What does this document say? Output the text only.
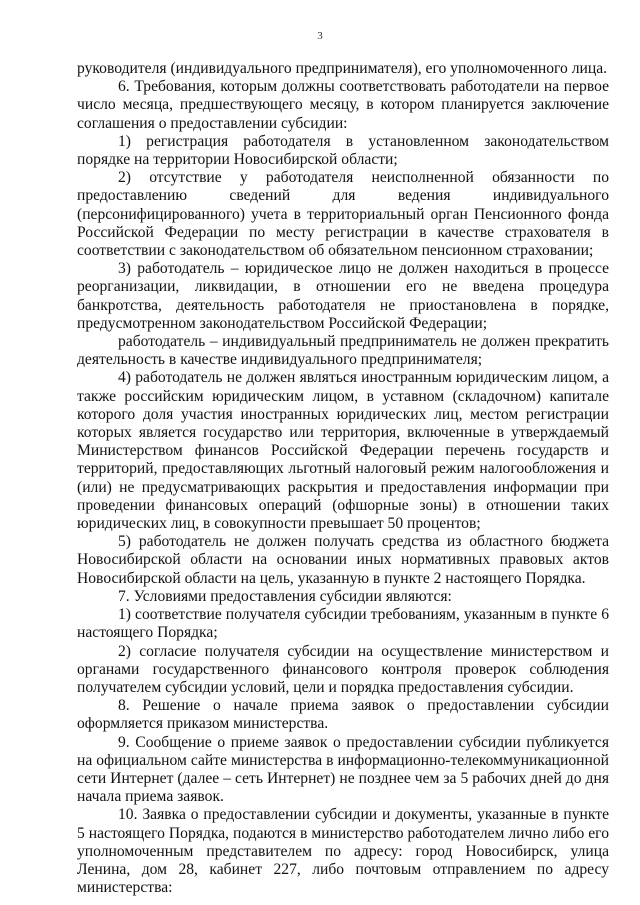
3

руководителя (индивидуального предпринимателя), его уполномоченного лица.

6. Требования, которым должны соответствовать работодатели на первое число месяца, предшествующего месяцу, в котором планируется заключение соглашения о предоставлении субсидии:

1) регистрация работодателя в установленном законодательством порядке на территории Новосибирской области;

2) отсутствие у работодателя неисполненной обязанности по предоставлению сведений для ведения индивидуального (персонифицированного) учета в территориальный орган Пенсионного фонда Российской Федерации по месту регистрации в качестве страхователя в соответствии с законодательством об обязательном пенсионном страховании;

3) работодатель – юридическое лицо не должен находиться в процессе реорганизации, ликвидации, в отношении его не введена процедура банкротства, деятельность работодателя не приостановлена в порядке, предусмотренном законодательством Российской Федерации;

работодатель – индивидуальный предприниматель не должен прекратить деятельность в качестве индивидуального предпринимателя;

4) работодатель не должен являться иностранным юридическим лицом, а также российским юридическим лицом, в уставном (складочном) капитале которого доля участия иностранных юридических лиц, местом регистрации которых является государство или территория, включенные в утверждаемый Министерством финансов Российской Федерации перечень государств и территорий, предоставляющих льготный налоговый режим налогообложения и (или) не предусматривающих раскрытия и предоставления информации при проведении финансовых операций (офшорные зоны) в отношении таких юридических лиц, в совокупности превышает 50 процентов;

5) работодатель не должен получать средства из областного бюджета Новосибирской области на основании иных нормативных правовых актов Новосибирской области на цель, указанную в пункте 2 настоящего Порядка.

7. Условиями предоставления субсидии являются:

1) соответствие получателя субсидии требованиям, указанным в пункте 6 настоящего Порядка;

2) согласие получателя субсидии на осуществление министерством и органами государственного финансового контроля проверок соблюдения получателем субсидии условий, цели и порядка предоставления субсидии.

8. Решение о начале приема заявок о предоставлении субсидии оформляется приказом министерства.

9. Сообщение о приеме заявок о предоставлении субсидии публикуется на официальном сайте министерства в информационно-телекоммуникационной сети Интернет (далее – сеть Интернет) не позднее чем за 5 рабочих дней до дня начала приема заявок.

10. Заявка о предоставлении субсидии и документы, указанные в пункте 5 настоящего Порядка, подаются в министерство работодателем лично либо его уполномоченным представителем по адресу: город Новосибирск, улица Ленина, дом 28, кабинет 227, либо почтовым отправлением по адресу министерства:
